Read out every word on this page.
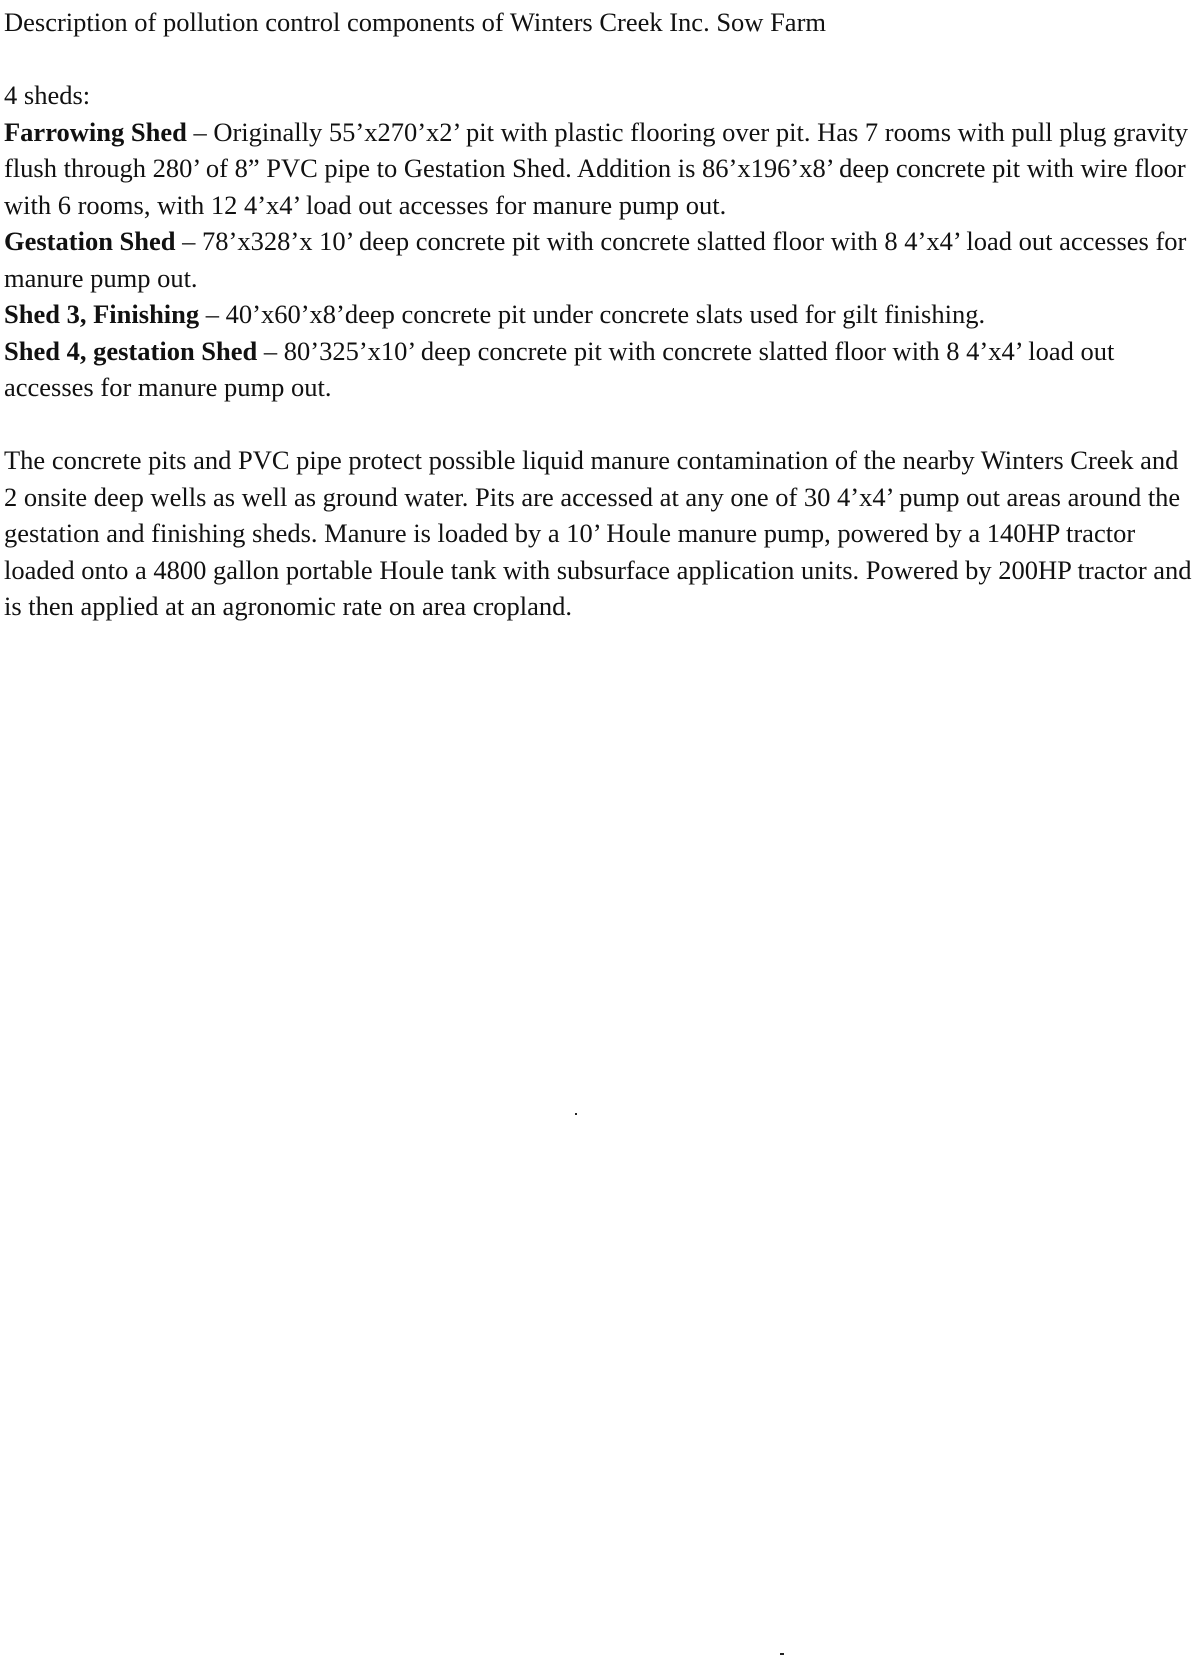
Description of pollution control components of Winters Creek Inc. Sow Farm

4 sheds:

Farrowing Shed – Originally 55’x270’x2’ pit with plastic flooring over pit. Has 7 rooms with pull plug gravity flush through 280’ of 8” PVC pipe to Gestation Shed. Addition is 86’x196’x8’ deep concrete pit with wire floor with 6 rooms, with 12 4’x4’ load out accesses for manure pump out.

Gestation Shed – 78’x328’x 10’ deep concrete pit with concrete slatted floor with 8 4’x4’ load out accesses for manure pump out.

Shed 3, Finishing – 40’x60’x8’deep concrete pit under concrete slats used for gilt finishing.

Shed 4, gestation Shed – 80’325’x10’ deep concrete pit with concrete slatted floor with 8 4’x4’ load out accesses for manure pump out.

The concrete pits and PVC pipe protect possible liquid manure contamination of the nearby Winters Creek and 2 onsite deep wells as well as ground water. Pits are accessed at any one of 30 4’x4’ pump out areas around the gestation and finishing sheds. Manure is loaded by a 10’ Houle manure pump, powered by a 140HP tractor loaded onto a 4800 gallon portable Houle tank with subsurface application units. Powered by 200HP tractor and is then applied at an agronomic rate on area cropland.
